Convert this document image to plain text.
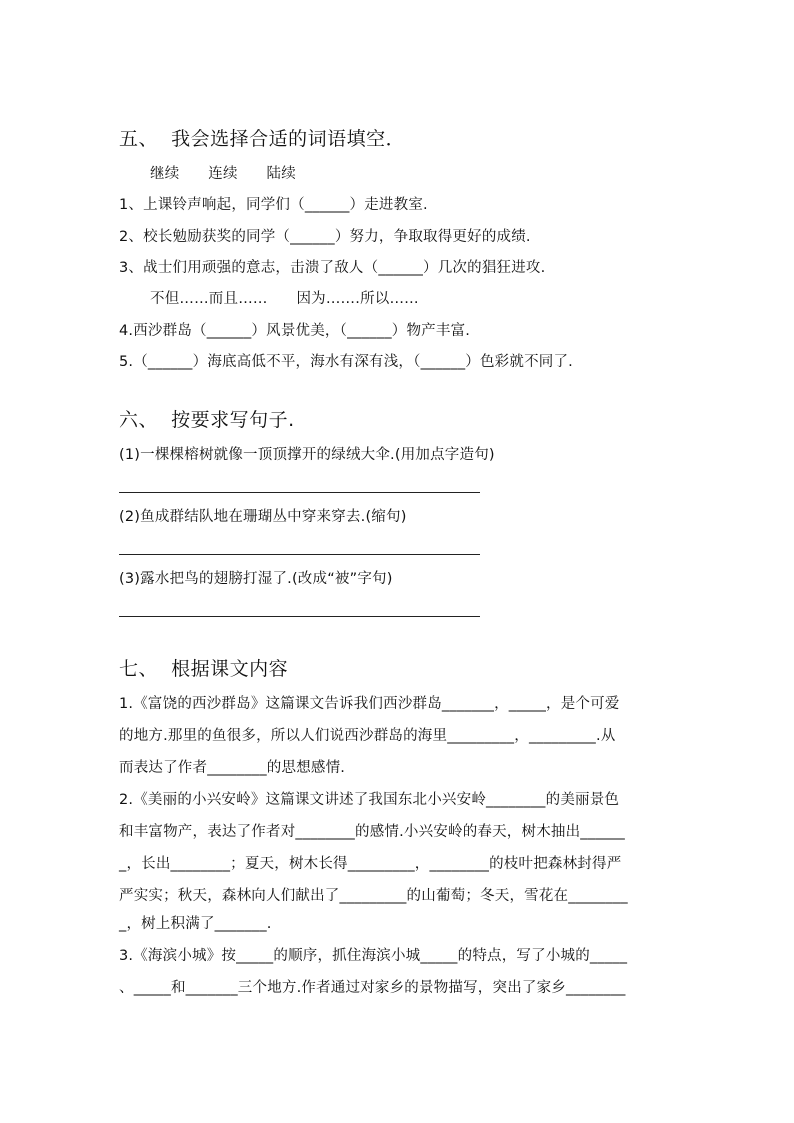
五、  我会选择合适的词语填空．
继续      连续      陆续
1、上课铃声响起，同学们（______）走进教室.
2、校长勉励获奖的同学（______）努力，争取取得更好的成绩.
3、战士们用顽强的意志，击溃了敌人（______）几次的猖狂进攻.
不但……而且……      因为…….所以……
4.西沙群岛（______）风景优美，（______）物产丰富.
5.（______）海底高低不平，海水有深有浅，（______）色彩就不同了.
六、  按要求写句子.
(1)一棵棵榕树就像一顶顶撑开的绿绒大伞.(用加点字造句)
(2)鱼成群结队地在珊瑚丛中穿来穿去.(缩句)
(3)露水把鸟的翅膀打湿了.(改成“被”字句)
七、  根据课文内容
1.《富饶的西沙群岛》这篇课文告诉我们西沙群岛_______，_____，是个可爱
的地方.那里的鱼很多，所以人们说西沙群岛的海里_________，_________.从
而表达了作者________的思想感情.
2.《美丽的小兴安岭》这篇课文讲述了我国东北小兴安岭________的美丽景色
和丰富物产，表达了作者对________的感情.小兴安岭的春天，树木抽出______
_，长出________；夏天，树木长得_________，________的枝叶把森林封得严
严实实；秋天，森林向人们献出了_________的山葡萄；冬天，雪花在________
_，树上积满了_______.
3.《海滨小城》按_____的顺序，抓住海滨小城_____的特点，写了小城的_____
、_____和_______三个地方.作者通过对家乡的景物描写，突出了家乡________
